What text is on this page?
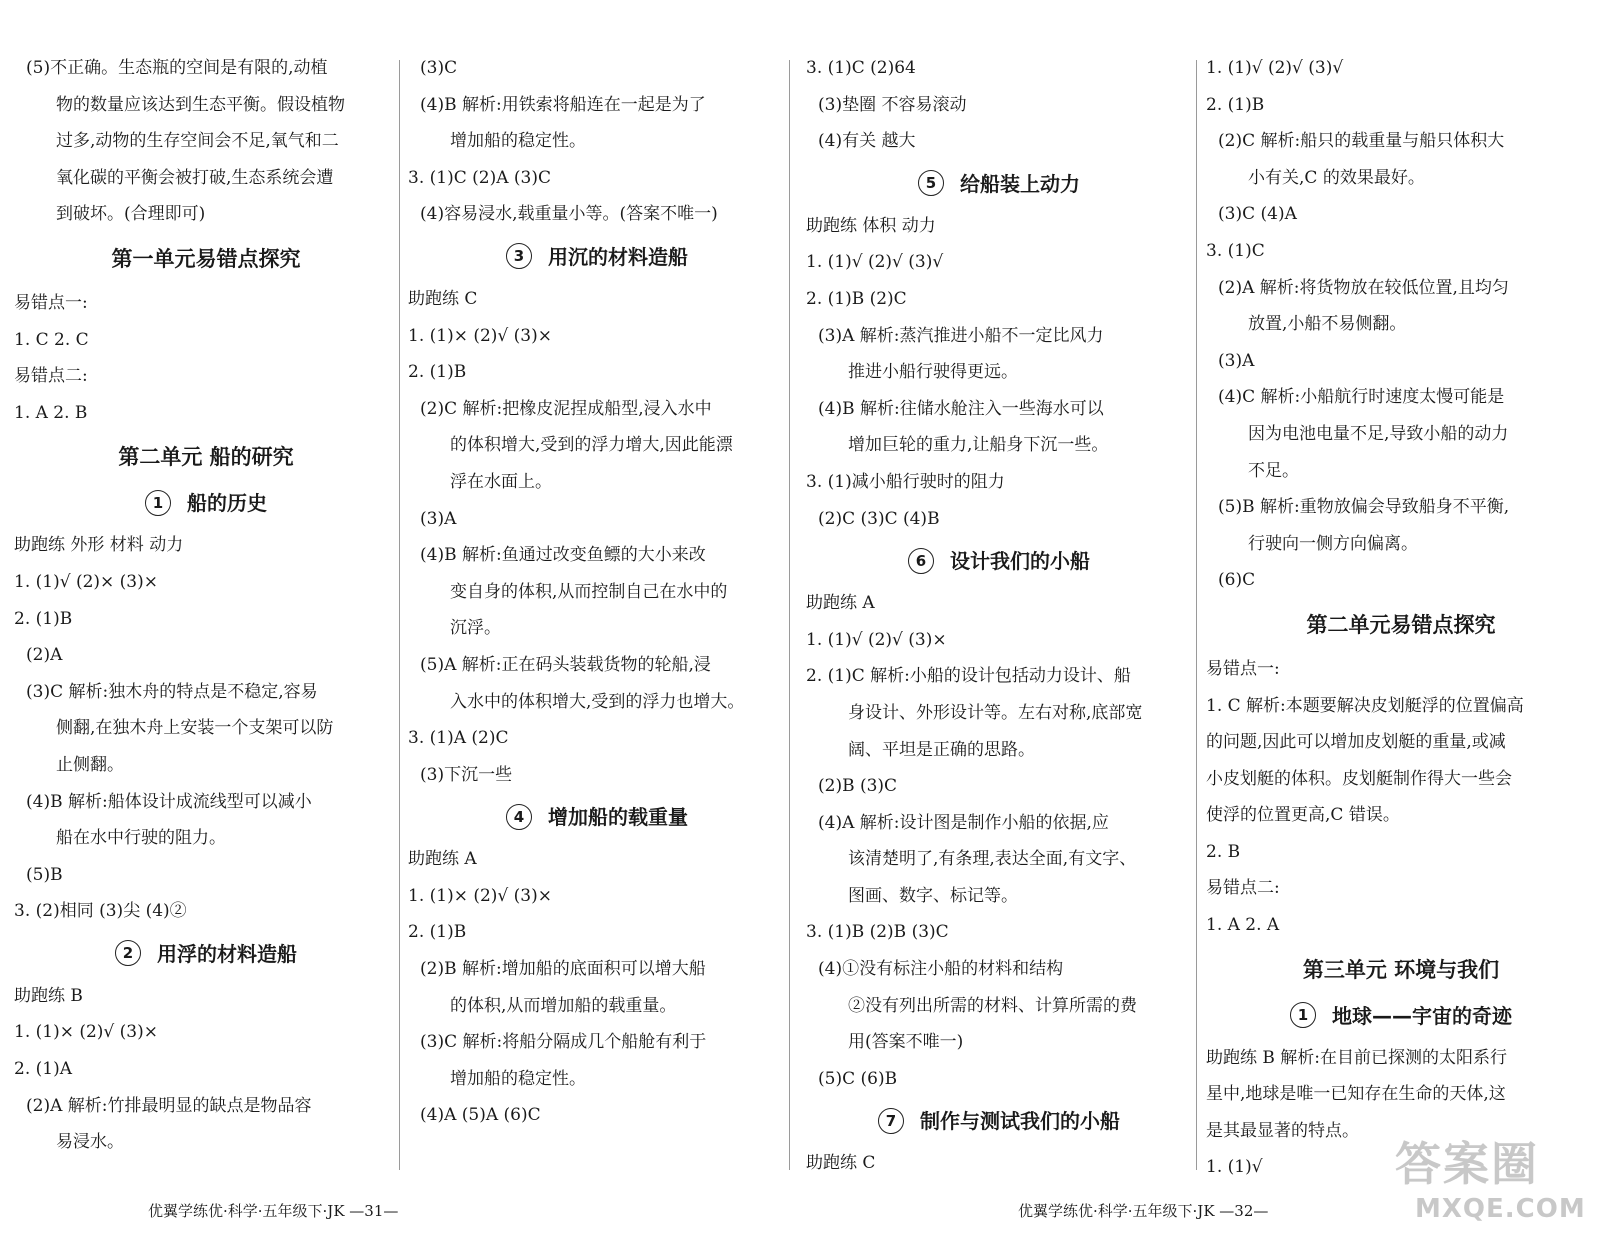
(5)不正确。生态瓶的空间是有限的,动植
物的数量应该达到生态平衡。假设植物
过多,动物的生存空间会不足,氧气和二
氧化碳的平衡会被打破,生态系统会遭
到破坏。(合理即可)
第一单元易错点探究
易错点一:
1. C 2. C
易错点二:
1. A 2. B
第二单元 船的研究
1 船的历史
助跑练 外形 材料 动力
1. (1)√ (2)× (3)×
2. (1)B
(2)A
(3)C 解析:独木舟的特点是不稳定,容易
侧翻,在独木舟上安装一个支架可以防
止侧翻。
(4)B 解析:船体设计成流线型可以减小
船在水中行驶的阻力。
(5)B
3. (2)相同 (3)尖 (4)②
2 用浮的材料造船
助跑练 B
1. (1)× (2)√ (3)×
2. (1)A
(2)A 解析:竹排最明显的缺点是物品容
易浸水。
(3)C
(4)B 解析:用铁索将船连在一起是为了
增加船的稳定性。
3. (1)C (2)A (3)C
(4)容易浸水,载重量小等。(答案不唯一)
3 用沉的材料造船
助跑练 C
1. (1)× (2)√ (3)×
2. (1)B
(2)C 解析:把橡皮泥捏成船型,浸入水中
的体积增大,受到的浮力增大,因此能漂
浮在水面上。
(3)A
(4)B 解析:鱼通过改变鱼鳔的大小来改
变自身的体积,从而控制自己在水中的
沉浮。
(5)A 解析:正在码头装载货物的轮船,浸
入水中的体积增大,受到的浮力也增大。
3. (1)A (2)C
(3)下沉一些
4 增加船的载重量
助跑练 A
1. (1)× (2)√ (3)×
2. (1)B
(2)B 解析:增加船的底面积可以增大船
的体积,从而增加船的载重量。
(3)C 解析:将船分隔成几个船舱有利于
增加船的稳定性。
(4)A (5)A (6)C
3. (1)C (2)64
(3)垫圈 不容易滚动
(4)有关 越大
5 给船装上动力
助跑练 体积 动力
1. (1)√ (2)√ (3)√
2. (1)B (2)C
(3)A 解析:蒸汽推进小船不一定比风力
推进小船行驶得更远。
(4)B 解析:往储水舱注入一些海水可以
增加巨轮的重力,让船身下沉一些。
3. (1)减小船行驶时的阻力
(2)C (3)C (4)B
6 设计我们的小船
助跑练 A
1. (1)√ (2)√ (3)×
2. (1)C 解析:小船的设计包括动力设计、船
身设计、外形设计等。左右对称,底部宽
阔、平坦是正确的思路。
(2)B (3)C
(4)A 解析:设计图是制作小船的依据,应
该清楚明了,有条理,表达全面,有文字、
图画、数字、标记等。
3. (1)B (2)B (3)C
(4)①没有标注小船的材料和结构
②没有列出所需的材料、计算所需的费
用(答案不唯一)
(5)C (6)B
7 制作与测试我们的小船
助跑练 C
1. (1)√ (2)√ (3)√
2. (1)B
(2)C 解析:船只的载重量与船只体积大
小有关,C 的效果最好。
(3)C (4)A
3. (1)C
(2)A 解析:将货物放在较低位置,且均匀
放置,小船不易侧翻。
(3)A
(4)C 解析:小船航行时速度太慢可能是
因为电池电量不足,导致小船的动力
不足。
(5)B 解析:重物放偏会导致船身不平衡,
行驶向一侧方向偏离。
(6)C
第二单元易错点探究
易错点一:
1. C 解析:本题要解决皮划艇浮的位置偏高
的问题,因此可以增加皮划艇的重量,或减
小皮划艇的体积。皮划艇制作得大一些会
使浮的位置更高,C 错误。
2. B
易错点二:
1. A 2. A
第三单元 环境与我们
1 地球——宇宙的奇迹
助跑练 B 解析:在目前已探测的太阳系行
星中,地球是唯一已知存在生命的天体,这
是其最显著的特点。
1. (1)√
优翼学练优·科学·五年级下·JK —31—	优翼学练优·科学·五年级下·JK —32—
答案圈
MXQE.COM
